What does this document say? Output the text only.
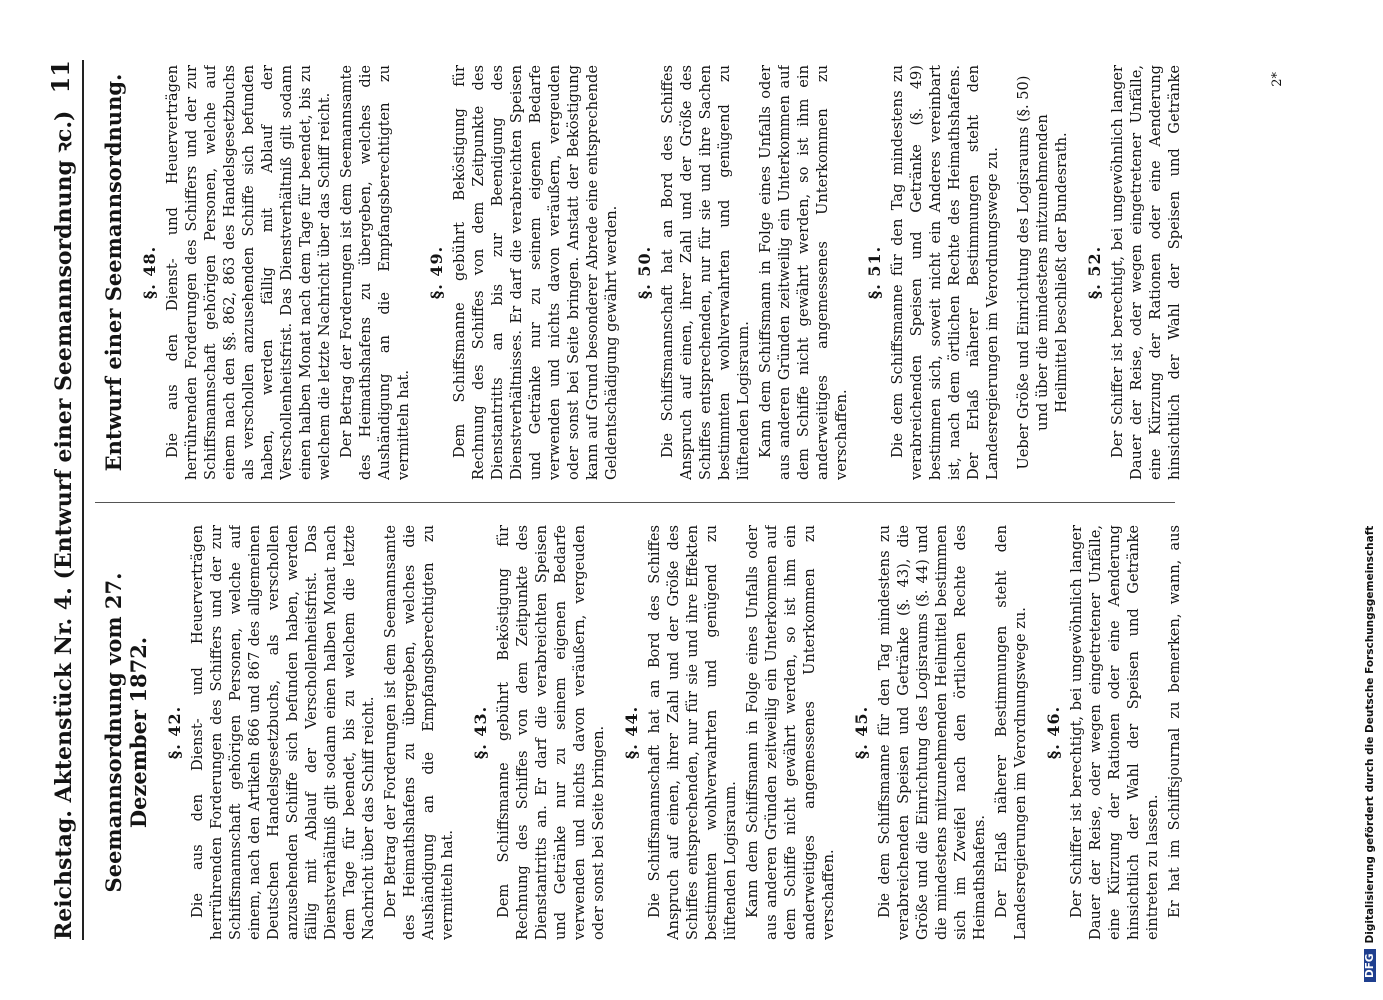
Reichstag. Aktenstück Nr. 4. (Entwurf einer Seemannsordnung ꝛc.)
11
Seemannsordnung vom 27. Dezember 1872. §. 42. Die aus den Dienst- und Heuerverträgen herrührenden Forderungen des Schiffers und der zur Schiffsmannschaft gehörigen Personen, welche auf einem, nach den Artikeln 866 und 867 des allgemeinen Deutschen Handelsgesetzbuchs, als verschollen anzusehenden Schiffe sich befunden haben, werden fällig mit Ablauf der Verschollenheitsfrist. Das Dienstverhältniß gilt sodann einen halben Monat nach dem Tage für beendet, bis zu welchem die letzte Nachricht über das Schiff reicht. Der Betrag der Forderungen ist dem Seemannsamte des Heimathshafens zu übergeben, welches die Aushändigung an die Empfangsberechtigten zu vermitteln hat.

§. 43. Dem Schiffsmanne gebührt Beköstigung für Rechnung des Schiffes von dem Zeitpunkte des Dienstantritts an. Er darf die verabreichten Speisen und Getränke nur zu seinem eigenen Bedarfe verwenden und nichts davon veräußern, vergeuden oder sonst bei Seite bringen. §. 44. Die Schiffsmannschaft hat an Bord des Schiffes Anspruch auf einen, ihrer Zahl und der Größe des Schiffes entsprechenden, nur für sie und ihre Effekten bestimmten wohlverwahrten und genügend zu lüftenden Logisraum. Kann dem Schiffsmann in Folge eines Unfalls oder aus anderen Gründen zeitweilig ein Unterkommen auf dem Schiffe nicht gewährt werden, so ist ihm ein anderweitiges angemessenes Unterkommen zu verschaffen.

§. 45. Die dem Schiffsmanne für den Tag mindestens zu verabreichenden Speisen und Getränke (§. 43), die Größe und die Einrichtung des Logisraums (§. 44) und die mindestens mitzunehmenden Heilmittel bestimmen sich im Zweifel nach den örtlichen Rechte des Heimathshafens. Der Erlaß näherer Bestimmungen steht den Landesregierungen im Verordnungswege zu. §. 46. Der Schiffer ist berechtigt, bei ungewöhnlich langer Dauer der Reise, oder wegen eingetretener Unfälle, eine Kürzung der Rationen oder eine Aenderung hinsichtlich der Wahl der Speisen und Getränke eintreten zu lassen. Er hat im Schiffsjournal zu bemerken, wann, aus

Entwurf einer Seemannsordnung. §. 48. Die aus den Dienst- und Heuerverträgen herrührenden Forderungen des Schiffers und der zur Schiffsmannschaft gehörigen Personen, welche auf einem nach den §§. 862, 863 des Handelsgesetzbuchs als verschollen anzusehenden Schiffe sich befunden haben, werden fällig mit Ablauf der Verschollenheitsfrist. Das Dienstverhältniß gilt sodann einen halben Monat nach dem Tage für beendet, bis zu welchem die letzte Nachricht über das Schiff reicht. Der Betrag der Forderungen ist dem Seemannsamte des Heimathshafens zu übergeben, welches die Aushändigung an die Empfangsberechtigten zu vermitteln hat.

§. 49. Dem Schiffsmanne gebührt Beköstigung für Rechnung des Schiffes von dem Zeitpunkte des Dienstantritts an bis zur Beendigung des Dienstverhältnisses. Er darf die verabreichten Speisen und Getränke nur zu seinem eigenen Bedarfe verwenden und nichts davon veräußern, vergeuden oder sonst bei Seite bringen. Anstatt der Beköstigung kann auf Grund besonderer Abrede eine entsprechende Geldentschädigung gewährt werden. §. 50. Die Schiffsmannschaft hat an Bord des Schiffes Anspruch auf einen, ihrer Zahl und der Größe des Schiffes entsprechenden, nur für sie und ihre Sachen bestimmten wohlverwahrten und genügend zu lüftenden Logisraum. Kann dem Schiffsmann in Folge eines Unfalls oder aus anderen Gründen zeitweilig ein Unterkommen auf dem Schiffe nicht gewährt werden, so ist ihm ein anderweitiges angemessenes Unterkommen zu verschaffen.

§. 51. Die dem Schiffsmanne für den Tag mindestens zu verabreichenden Speisen und Getränke (§. 49) bestimmen sich, soweit nicht ein Anderes vereinbart ist, nach dem örtlichen Rechte des Heimathshafens. Der Erlaß näherer Bestimmungen steht den Landesregierungen im Verordnungswege zu. Ueber Größe und Einrichtung des Logisraums (§. 50) und über die mindestens mitzunehmenden Heilmittel beschließt der Bundesrath. §. 52.

Der Schiffer ist berechtigt, bei ungewöhnlich langer Dauer der Reise, oder wegen eingetretener Unfälle, eine Kürzung der Rationen oder eine Aenderung hinsichtlich der Wahl der Speisen und Getränke	2*
DFGDigitalisierung gefördert durch die Deutsche Forschungsgemeinschaft
